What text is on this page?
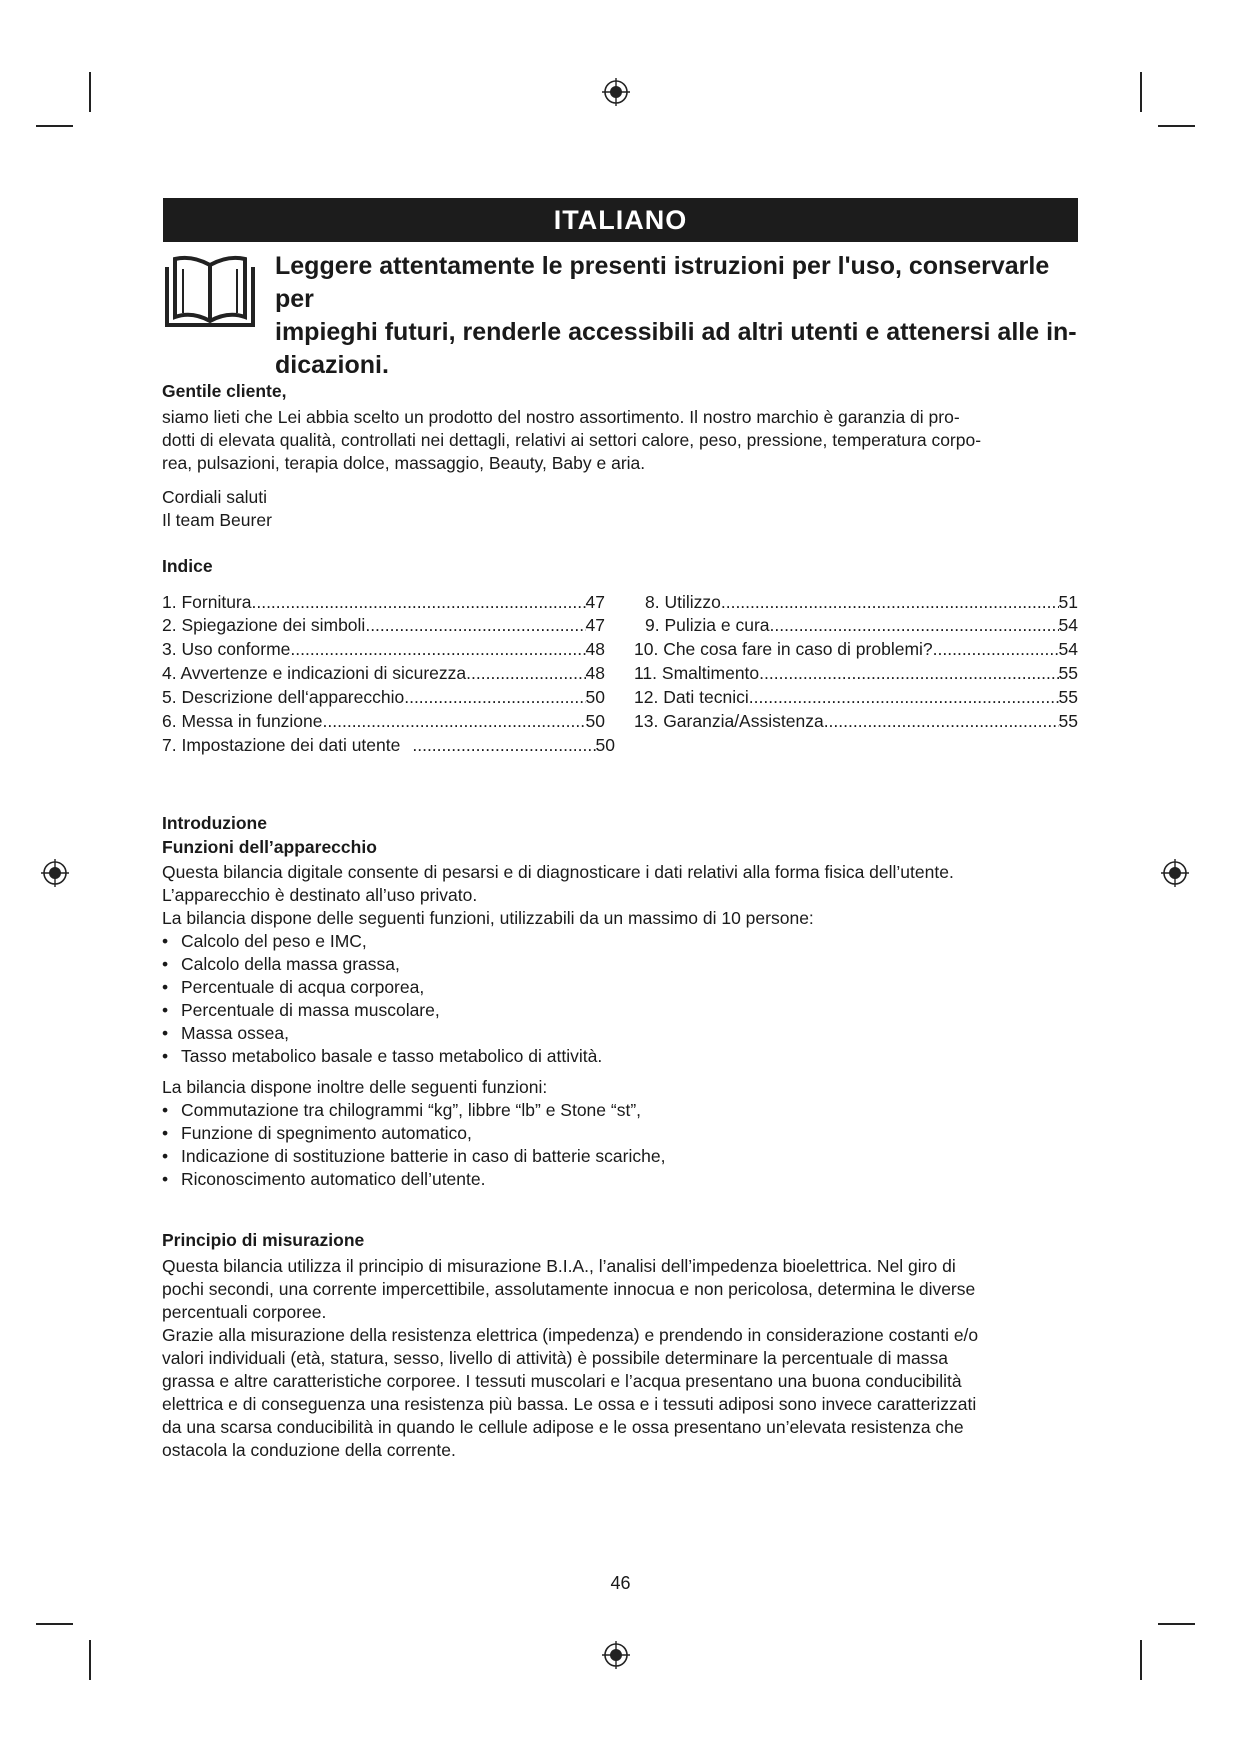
ITALIANO
Leggere attentamente le presenti istruzioni per l'uso, conservarle per
impieghi futuri, renderle accessibili ad altri utenti e attenersi alle in-
dicazioni.
Gentile cliente,
siamo lieti che Lei abbia scelto un prodotto del nostro assortimento. Il nostro marchio è garanzia di pro-
dotti di elevata qualità, controllati nei dettagli, relativi ai settori calore, peso, pressione, temperatura corpo-
rea, pulsazioni, terapia dolce, massaggio, Beauty, Baby e aria.
Cordiali saluti
Il team Beurer
Indice
1. Fornitura .....	47
2. Spiegazione dei simboli .....	47
3. Uso conforme .....	48
4. Avvertenze e indicazioni di sicurezza .....	48
5. Descrizione dell‘apparecchio .....	50
6. Messa in funzione .....	50
7. Impostazione dei dati utente .....	50
8. Utilizzo .....	51
9. Pulizia e cura .....	54
10. Che cosa fare in caso di problemi? .....	54
11. Smaltimento .....	55
12. Dati tecnici .....	55
13. Garanzia/Assistenza .....	55
Introduzione
Funzioni dell’apparecchio
Questa bilancia digitale consente di pesarsi e di diagnosticare i dati relativi alla forma fisica dell’utente.
L’apparecchio è destinato all’uso privato.
La bilancia dispone delle seguenti funzioni, utilizzabili da un massimo di 10 persone:
• Calcolo del peso e IMC,
• Calcolo della massa grassa,
• Percentuale di acqua corporea,
• Percentuale di massa muscolare,
• Massa ossea,
• Tasso metabolico basale e tasso metabolico di attività.
La bilancia dispone inoltre delle seguenti funzioni:
• Commutazione tra chilogrammi “kg”, libbre “lb” e Stone “st”,
• Funzione di spegnimento automatico,
• Indicazione di sostituzione batterie in caso di batterie scariche,
• Riconoscimento automatico dell’utente.
Principio di misurazione
Questa bilancia utilizza il principio di misurazione B.I.A., l’analisi dell’impedenza bioelettrica. Nel giro di
pochi secondi, una corrente impercettibile, assolutamente innocua e non pericolosa, determina le diverse
percentuali corporee.
Grazie alla misurazione della resistenza elettrica (impedenza) e prendendo in considerazione costanti e/o
valori individuali (età, statura, sesso, livello di attività) è possibile determinare la percentuale di massa
grassa e altre caratteristiche corporee. I tessuti muscolari e l’acqua presentano una buona conducibilità
elettrica e di conseguenza una resistenza più bassa. Le ossa e i tessuti adiposi sono invece caratterizzati
da una scarsa conducibilità in quando le cellule adipose e le ossa presentano un’elevata resistenza che
ostacola la conduzione della corrente.
46
